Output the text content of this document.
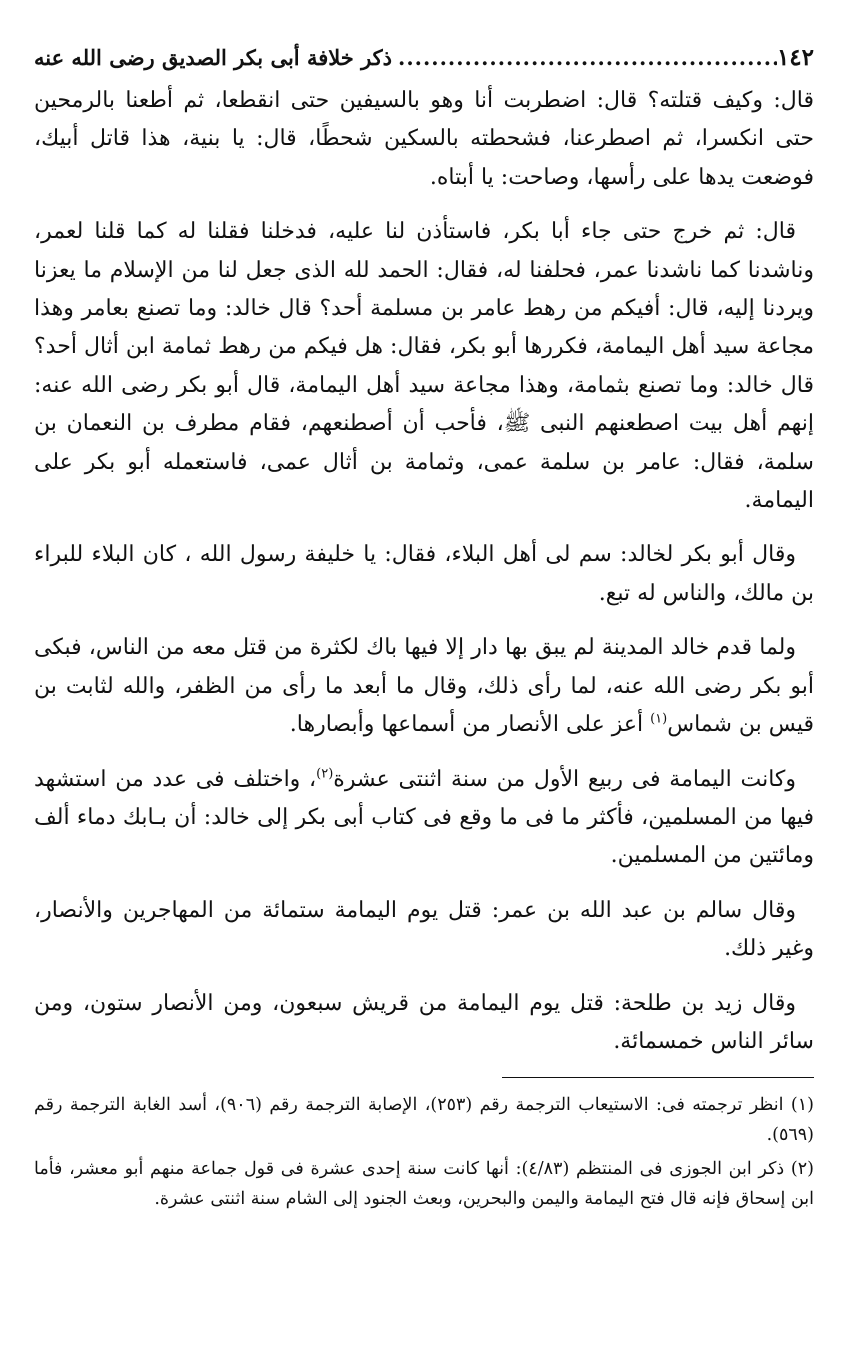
١٤٢
.....
ذكر خلافة أبى بكر الصديق رضى الله عنه

قال: وكيف قتلته؟ قال: اضطربت أنا وهو بالسيفين حتى انقطعا، ثم أطعنا بالرمحين حتى انكسرا، ثم اصطرعنا، فشحطته بالسكين شحطًا، قال: يا بنية، هذا قاتل أبيك، فوضعت يدها على رأسها، وصاحت: يا أبتاه.

قال: ثم خرج حتى جاء أبا بكر، فاستأذن لنا عليه، فدخلنا فقلنا له كما قلنا لعمر، وناشدنا كما ناشدنا عمر، فحلفنا له، فقال: الحمد لله الذى جعل لنا من الإسلام ما يعزنا ويردنا إليه، قال: أفيكم من رهط عامر بن مسلمة أحد؟ قال خالد: وما تصنع بعامر وهذا مجاعة سيد أهل اليمامة، فكررها أبو بكر، فقال: هل فيكم من رهط ثمامة ابن أثال أحد؟ قال خالد: وما تصنع بثمامة، وهذا مجاعة سيد أهل اليمامة، قال أبو بكر رضى الله عنه: إنهم أهل بيت اصطعنهم النبى ﷺ، فأحب أن أصطنعهم، فقام مطرف بن النعمان بن سلمة، فقال: عامر بن سلمة عمى، وثمامة بن أثال عمى، فاستعمله أبو بكر على اليمامة.

وقال أبو بكر لخالد: سم لى أهل البلاء، فقال: يا خليفة رسول الله ، كان البلاء للبراء بن مالك، والناس له تبع.

ولما قدم خالد المدينة لم يبق بها دار إلا فيها باك لكثرة من قتل معه من الناس، فبكى أبو بكر رضى الله عنه، لما رأى ذلك، وقال ما أبعد ما رأى من الظفر، والله لثابت بن قيس بن شماس$^{(١)}$ أعز على الأنصار من أسماعها وأبصارها.

وكانت اليمامة فى ربيع الأول من سنة اثنتى عشرة$^{(٢)}$، واختلف فى عدد من استشهد فيها من المسلمين، فأكثر ما فى ما وقع فى كتاب أبى بكر إلى خالد: أن بـابك دماء ألف ومائتين من المسلمين.

وقال سالم بن عبد الله بن عمر: قتل يوم اليمامة ستمائة من المهاجرين والأنصار، وغير ذلك.

وقال زيد بن طلحة: قتل يوم اليمامة من قريش سبعون، ومن الأنصار ستون، ومن سائر الناس خمسمائة.

(١) انظر ترجمته فى: الاستيعاب الترجمة رقم (٢٥٣)، الإصابة الترجمة رقم (٩٠٦)، أسد الغابة الترجمة رقم (٥٦٩).

(٢) ذكر ابن الجوزى فى المنتظم (٤/٨٣): أنها كانت سنة إحدى عشرة فى قول جماعة منهم أبو معشر، فأما ابن إسحاق فإنه قال فتح اليمامة واليمن والبحرين، وبعث الجنود إلى الشام سنة اثنتى عشرة.
